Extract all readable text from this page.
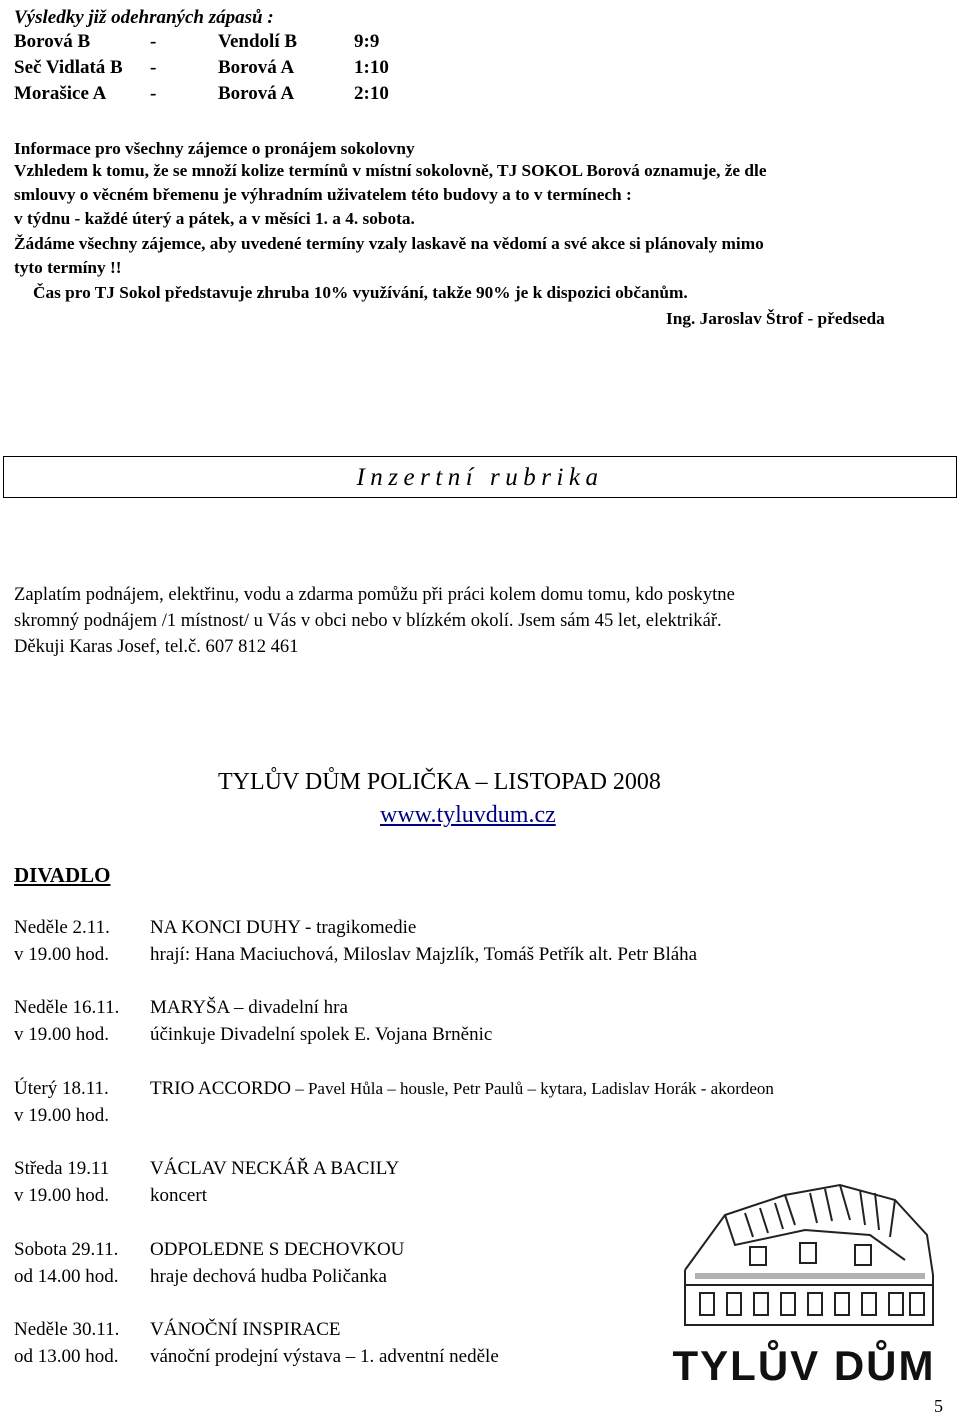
Výsledky již odehraných zápasů :
Borová B	-	Vendolí B	9:9
Seč Vidlatá B -	Borová A	1:10
Morašice A -	Borová A	2:10
Informace pro všechny zájemce o pronájem sokolovny
Vzhledem k tomu, že se množí kolize termínů v místní sokolovně, TJ SOKOL Borová oznamuje, že dle
smlouvy o věcném břemenu je výhradním uživatelem této budovy a to v termínech :
v týdnu - každé úterý a pátek, a v měsíci 1. a 4. sobota.
Žádáme všechny zájemce, aby uvedené termíny vzaly laskavě na vědomí a své akce si plánovaly mimo
tyto termíny !!
Čas pro TJ Sokol představuje zhruba 10% využívání, takže 90% je k dispozici občanům.
Ing. Jaroslav Štrof - předseda
Inzertní rubrika
Zaplatím podnájem, elektřinu, vodu a zdarma pomůžu při práci kolem domu tomu, kdo poskytne
skromný podnájem /1 místnost/ u Vás v obci nebo v blízkém okolí. Jsem sám 45 let, elektrikář.
Děkuji Karas Josef, tel.č. 607 812 461
TYLŮV DŮM POLIČKA – LISTOPAD 2008
www.tyluvdum.cz
DIVADLO
Neděle 2.11. NA KONCI DUHY - tragikomedie
v 19.00 hod. hrají: Hana Maciuchová, Miloslav Majzlík, Tomáš Petřík alt. Petr Bláha
Neděle 16.11. MARYŠA – divadelní hra
v 19.00 hod. účinkuje Divadelní spolek E. Vojana Brněnic
Úterý 18.11. TRIO ACCORDO – Pavel Hůla – housle, Petr Paulů – kytara, Ladislav Horák - akordeon
v 19.00 hod.
Středa 19.11 VÁCLAV NECKÁŘ A BACILY
v 19.00 hod. koncert
Sobota 29.11. ODPOLEDNE S DECHOVKOU
od 14.00 hod. hraje dechová hudba Poličanka
Neděle 30.11. VÁNOČNÍ INSPIRACE
od 13.00 hod. vánoční prodejní výstava – 1. adventní neděle	TYLŮV DŮM
5
